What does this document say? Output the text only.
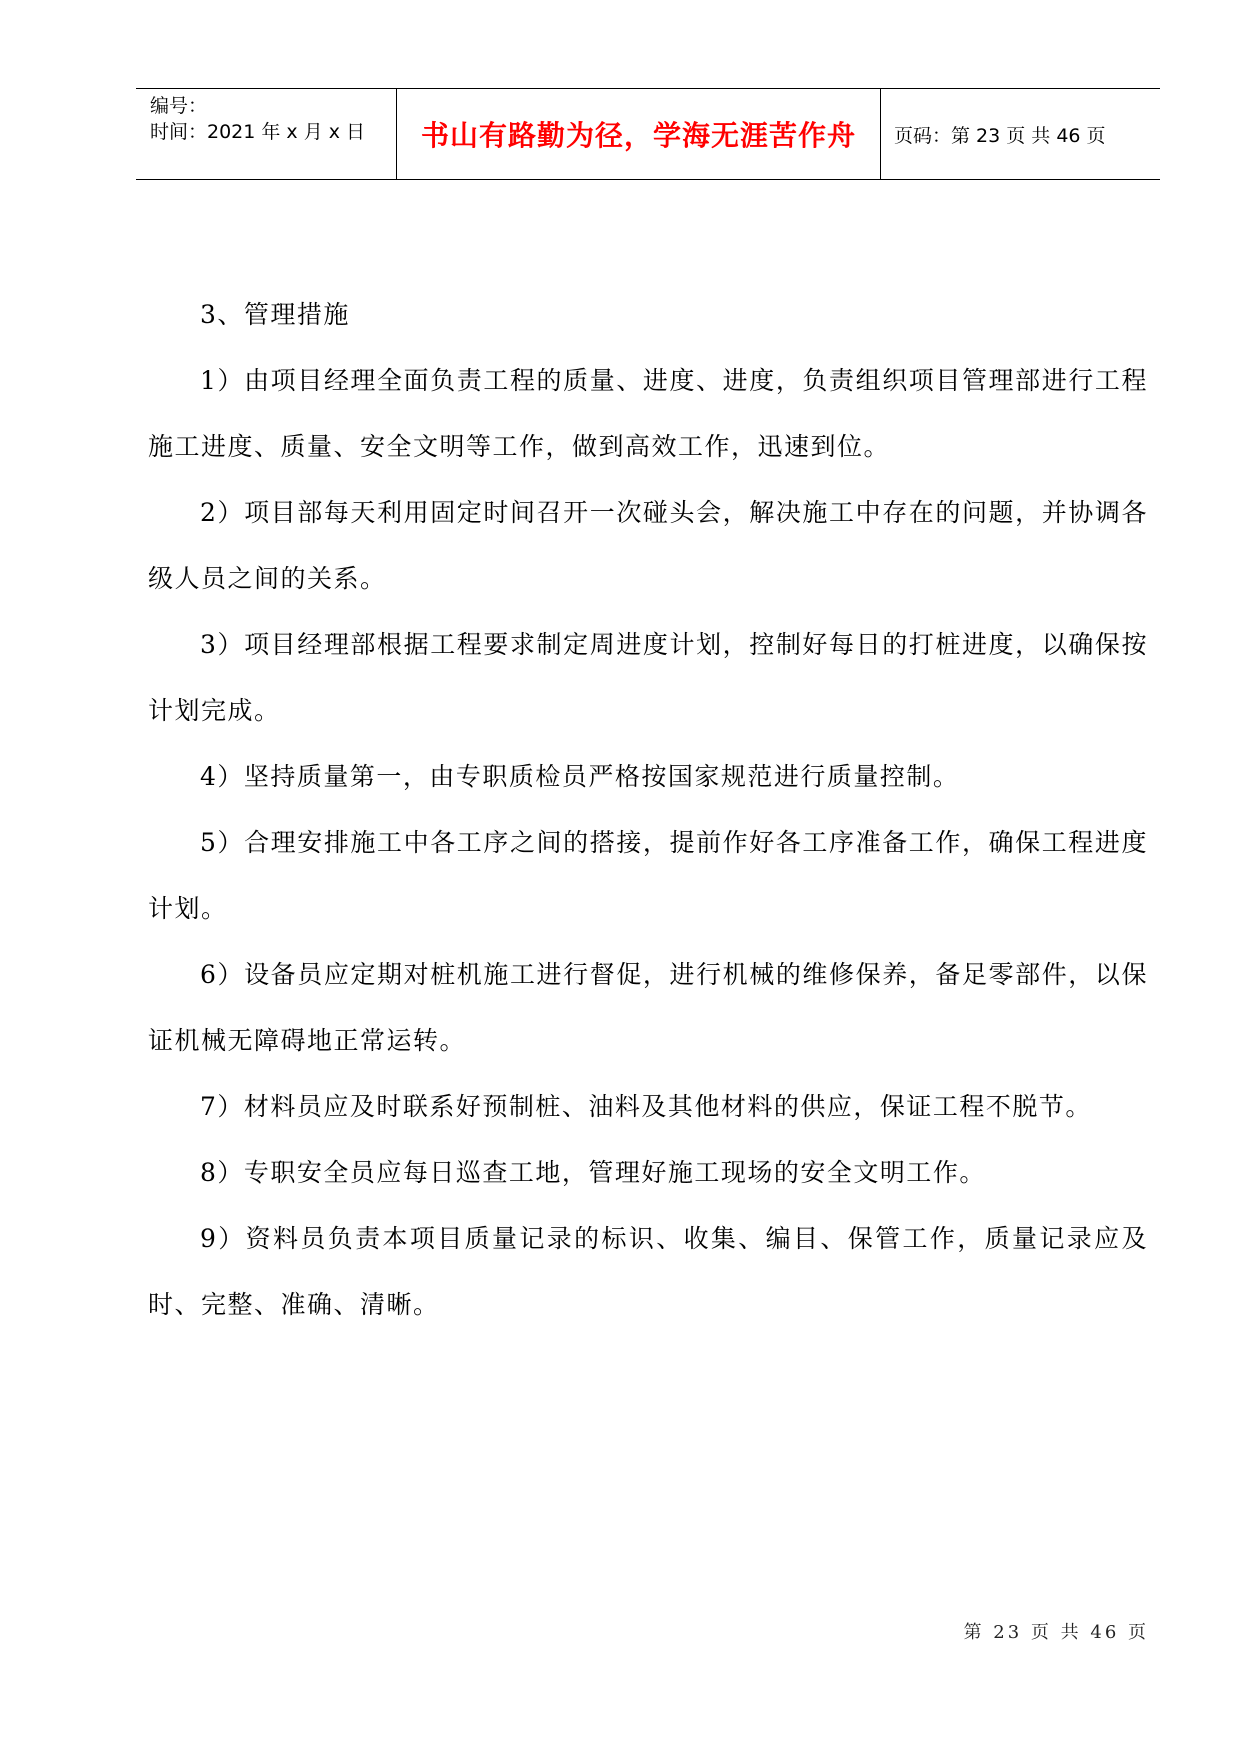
编号：
时间：2021 年 x 月 x 日	书山有路勤为径，学海无涯苦作舟	页码：第 23 页 共 46 页

3、管理措施

1）由项目经理全面负责工程的质量、进度、进度，负责组织项目管理部进行工程施工进度、质量、安全文明等工作，做到高效工作，迅速到位。

2）项目部每天利用固定时间召开一次碰头会，解决施工中存在的问题，并协调各级人员之间的关系。

3）项目经理部根据工程要求制定周进度计划，控制好每日的打桩进度，以确保按计划完成。

4）坚持质量第一，由专职质检员严格按国家规范进行质量控制。

5）合理安排施工中各工序之间的搭接，提前作好各工序准备工作，确保工程进度计划。

6）设备员应定期对桩机施工进行督促，进行机械的维修保养，备足零部件，以保证机械无障碍地正常运转。

7）材料员应及时联系好预制桩、油料及其他材料的供应，保证工程不脱节。

8）专职安全员应每日巡查工地，管理好施工现场的安全文明工作。

9）资料员负责本项目质量记录的标识、收集、编目、保管工作，质量记录应及时、完整、准确、清晰。

第 23 页 共 46 页
